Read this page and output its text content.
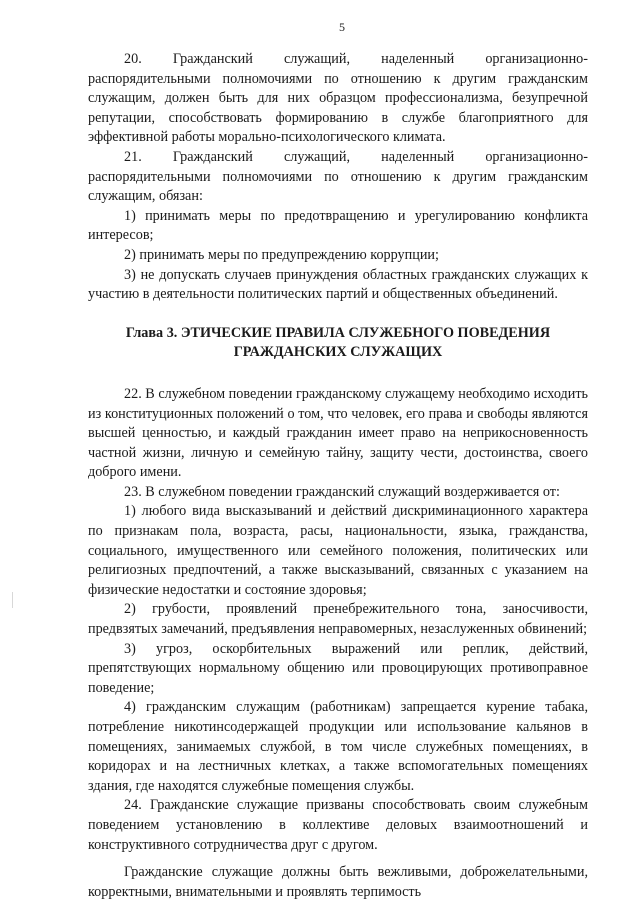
5

20. Гражданский служащий, наделенный организационно-распорядительными полномочиями по отношению к другим гражданским служащим, должен быть для них образцом профессионализма, безупречной репутации, способствовать формированию в службе благоприятного для эффективной работы морально-психологического климата.

21. Гражданский служащий, наделенный организационно-распорядительными полномочиями по отношению к другим гражданским служащим, обязан:

1) принимать меры по предотвращению и урегулированию конфликта интересов;

2) принимать меры по предупреждению коррупции;

3) не допускать случаев принуждения областных гражданских служащих к участию в деятельности политических партий и общественных объединений.

Глава 3. ЭТИЧЕСКИЕ ПРАВИЛА СЛУЖЕБНОГО ПОВЕДЕНИЯ
ГРАЖДАНСКИХ СЛУЖАЩИХ

22. В служебном поведении гражданскому служащему необходимо исходить из конституционных положений о том, что человек, его права и свободы являются высшей ценностью, и каждый гражданин имеет право на неприкосновенность частной жизни, личную и семейную тайну, защиту чести, достоинства, своего доброго имени.

23. В служебном поведении гражданский служащий воздерживается от:

1) любого вида высказываний и действий дискриминационного характера по признакам пола, возраста, расы, национальности, языка, гражданства, социального, имущественного или семейного положения, политических или религиозных предпочтений, а также высказываний, связанных с указанием на физические недостатки и состояние здоровья;

2) грубости, проявлений пренебрежительного тона, заносчивости, предвзятых замечаний, предъявления неправомерных, незаслуженных обвинений;

3) угроз, оскорбительных выражений или реплик, действий, препятствующих нормальному общению или провоцирующих противоправное поведение;

4) гражданским служащим (работникам) запрещается курение табака, потребление никотинсодержащей продукции или использование кальянов в помещениях, занимаемых службой, в том числе служебных помещениях, в коридорах и на лестничных клетках, а также вспомогательных помещениях здания, где находятся служебные помещения службы.

24. Гражданские служащие призваны способствовать своим служебным поведением установлению в коллективе деловых взаимоотношений и конструктивного сотрудничества друг с другом.

Гражданские служащие должны быть вежливыми, доброжелательными, корректными, внимательными и проявлять терпимость
